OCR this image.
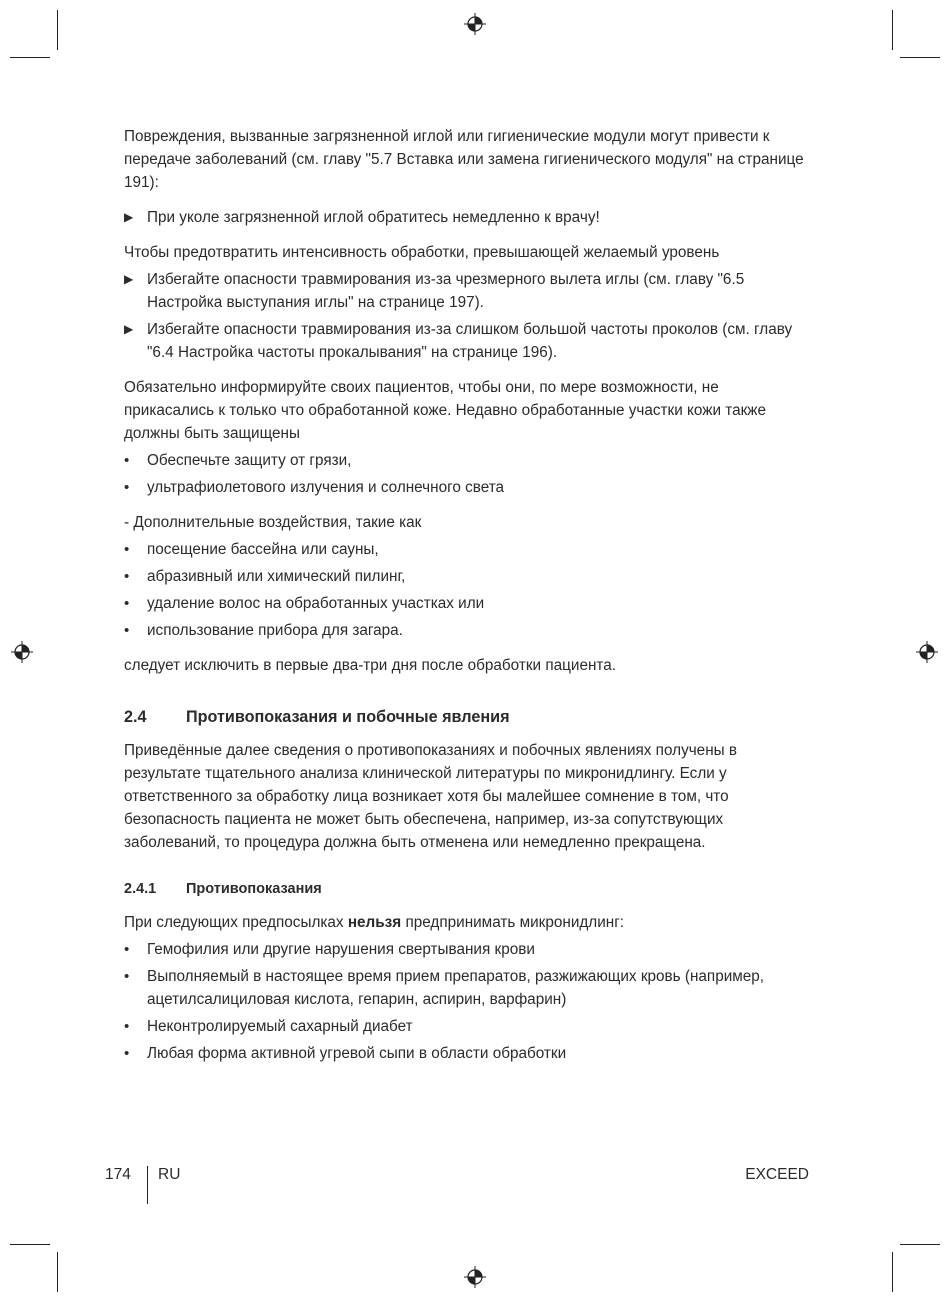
Повреждения, вызванные загрязненной иглой или гигиенические модули могут привести к передаче заболеваний (см. главу "5.7 Вставка или замена гигиенического модуля" на странице 191):

▶ При уколе загрязненной иглой обратитесь немедленно к врачу!

Чтобы предотвратить интенсивность обработки, превышающей желаемый уровень

▶ Избегайте опасности травмирования из-за чрезмерного вылета иглы (см. главу "6.5 Настройка выступания иглы" на странице 197).
▶ Избегайте опасности травмирования из-за слишком большой частоты проколов (см. главу "6.4 Настройка частоты прокалывания" на странице 196).

Обязательно информируйте своих пациентов, чтобы они, по мере возможности, не прикасались к только что обработанной коже. Недавно обработанные участки кожи также должны быть защищены

•	Обеспечьте защиту от грязи,
•	ультрафиолетового излучения и солнечного света

- Дополнительные воздействия, такие как

•	посещение бассейна или сауны,
•	абразивный или химический пилинг,
•	удаление волос на обработанных участках или
•	использование прибора для загара.

следует исключить в первые два-три дня после обработки пациента.

2.4	Противопоказания и побочные явления

Приведённые далее сведения о противопоказаниях и побочных явлениях получены в результате тщательного анализа клинической литературы по микронидлингу. Если у ответственного за обработку лица возникает хотя бы малейшее сомнение в том, что безопасность пациента не может быть обеспечена, например, из-за сопутствующих заболеваний, то процедура должна быть отменена или немедленно прекращена.

2.4.1	Противопоказания

При следующих предпосылках нельзя предпринимать микронидлинг:

•	Гемофилия или другие нарушения свертывания крови
•	Выполняемый в настоящее время прием препаратов, разжижающих кровь (например, ацетилсалициловая кислота, гепарин, аспирин, варфарин)
•	Неконтролируемый сахарный диабет
•	Любая форма активной угревой сыпи в области обработки
174 RU	EXCEED
